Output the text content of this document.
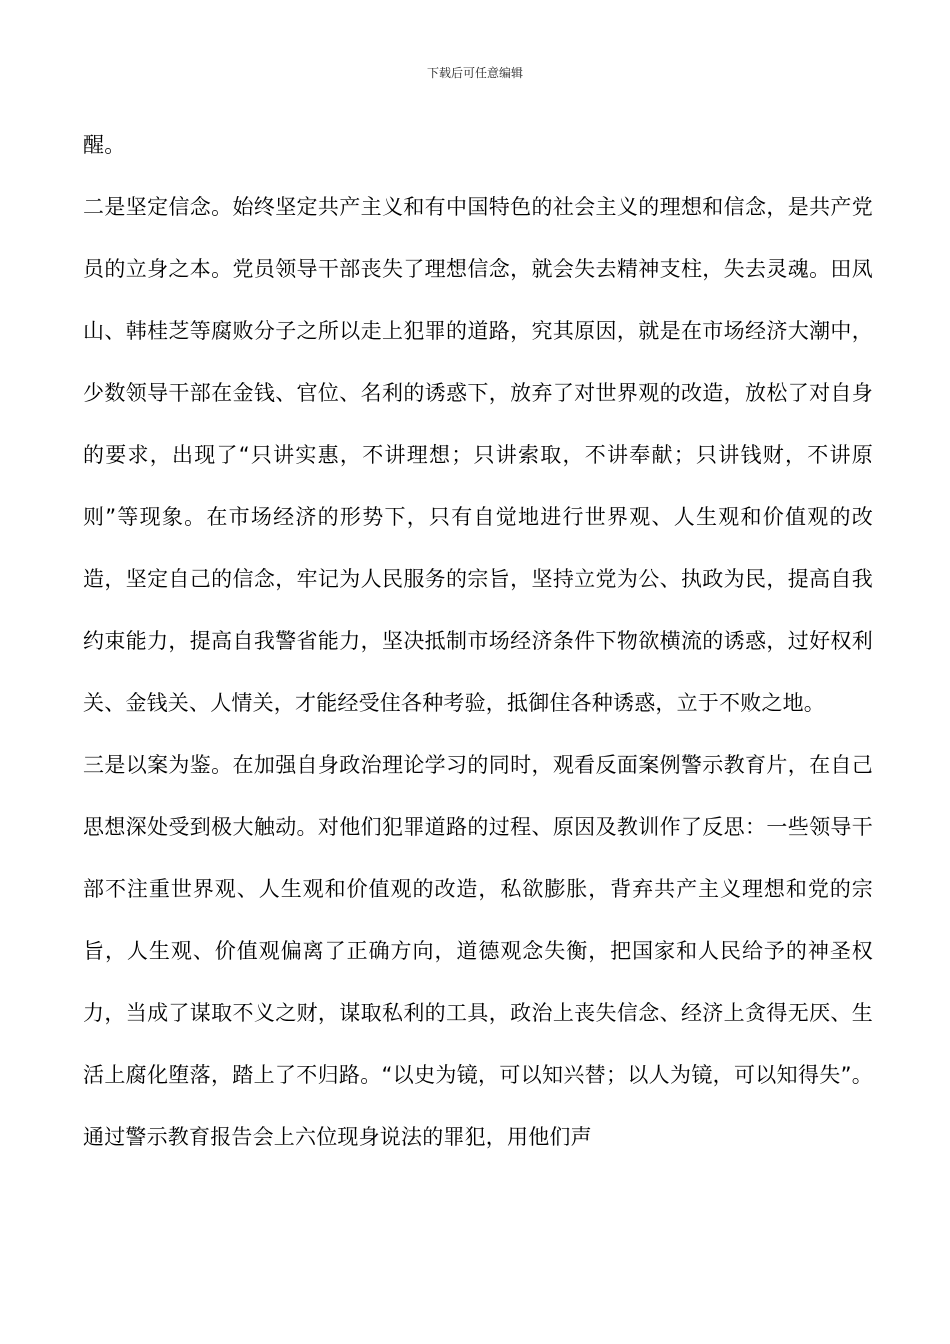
下载后可任意编辑

醒。

二是坚定信念。始终坚定共产主义和有中国特色的社会主义的理想和信念，是共产党员的立身之本。党员领导干部丧失了理想信念，就会失去精神支柱，失去灵魂。田凤山、韩桂芝等腐败分子之所以走上犯罪的道路，究其原因，就是在市场经济大潮中，少数领导干部在金钱、官位、名利的诱惑下，放弃了对世界观的改造，放松了对自身的要求，出现了“只讲实惠，不讲理想；只讲索取，不讲奉献；只讲钱财，不讲原则”等现象。在市场经济的形势下，只有自觉地进行世界观、人生观和价值观的改造，坚定自己的信念，牢记为人民服务的宗旨，坚持立党为公、执政为民，提高自我约束能力，提高自我警省能力，坚决抵制市场经济条件下物欲横流的诱惑，过好权利关、金钱关、人情关，才能经受住各种考验，抵御住各种诱惑，立于不败之地。

三是以案为鉴。在加强自身政治理论学习的同时，观看反面案例警示教育片，在自己思想深处受到极大触动。对他们犯罪道路的过程、原因及教训作了反思：一些领导干部不注重世界观、人生观和价值观的改造，私欲膨胀，背弃共产主义理想和党的宗旨，人生观、价值观偏离了正确方向，道德观念失衡，把国家和人民给予的神圣权力，当成了谋取不义之财，谋取私利的工具，政治上丧失信念、经济上贪得无厌、生活上腐化堕落，踏上了不归路。“以史为镜，可以知兴替；以人为镜，可以知得失”。通过警示教育报告会上六位现身说法的罪犯，用他们声
